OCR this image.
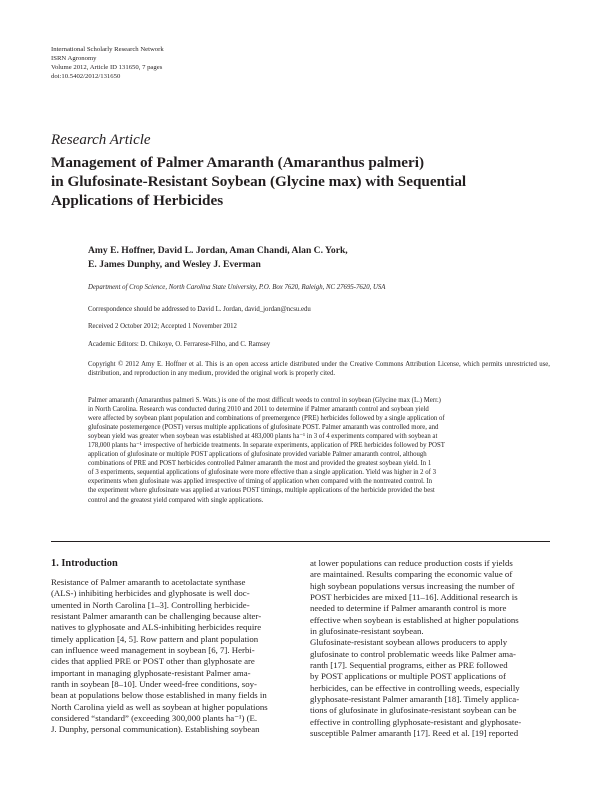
International Scholarly Research Network
ISRN Agronomy
Volume 2012, Article ID 131650, 7 pages
doi:10.5402/2012/131650
Research Article
Management of Palmer Amaranth (Amaranthus palmeri)
in Glufosinate-Resistant Soybean (Glycine max) with Sequential
Applications of Herbicides
Amy E. Hoffner, David L. Jordan, Aman Chandi, Alan C. York,
E. James Dunphy, and Wesley J. Everman
Department of Crop Science, North Carolina State University, P.O. Box 7620, Raleigh, NC 27695-7620, USA
Correspondence should be addressed to David L. Jordan, david_jordan@ncsu.edu
Received 2 October 2012; Accepted 1 November 2012
Academic Editors: D. Chikoye, O. Ferrarese-Filho, and C. Ramsey
Copyright © 2012 Amy E. Hoffner et al. This is an open access article distributed under the Creative Commons Attribution License, which permits unrestricted use, distribution, and reproduction in any medium, provided the original work is properly cited.
Palmer amaranth (Amaranthus palmeri S. Wats.) is one of the most difficult weeds to control in soybean (Glycine max (L.) Merr.)
in North Carolina. Research was conducted during 2010 and 2011 to determine if Palmer amaranth control and soybean yield
were affected by soybean plant population and combinations of preemergence (PRE) herbicides followed by a single application of
glufosinate postemergence (POST) versus multiple applications of glufosinate POST. Palmer amaranth was controlled more, and
soybean yield was greater when soybean was established at 483,000 plants ha⁻¹ in 3 of 4 experiments compared with soybean at
178,000 plants ha⁻¹ irrespective of herbicide treatments. In separate experiments, application of PRE herbicides followed by POST
application of glufosinate or multiple POST applications of glufosinate provided variable Palmer amaranth control, although
combinations of PRE and POST herbicides controlled Palmer amaranth the most and provided the greatest soybean yield. In 1
of 3 experiments, sequential applications of glufosinate were more effective than a single application. Yield was higher in 2 of 3
experiments when glufosinate was applied irrespective of timing of application when compared with the nontreated control. In
the experiment where glufosinate was applied at various POST timings, multiple applications of the herbicide provided the best
control and the greatest yield compared with single applications.
1. Introduction
Resistance of Palmer amaranth to acetolactate synthase
(ALS-) inhibiting herbicides and glyphosate is well doc-
umented in North Carolina [1–3]. Controlling herbicide-
resistant Palmer amaranth can be challenging because alter-
natives to glyphosate and ALS-inhibiting herbicides require
timely application [4, 5]. Row pattern and plant population
can influence weed management in soybean [6, 7]. Herbi-
cides that applied PRE or POST other than glyphosate are
important in managing glyphosate-resistant Palmer ama-
ranth in soybean [8–10]. Under weed-free conditions, soy-
bean at populations below those established in many fields in
North Carolina yield as well as soybean at higher populations
considered “standard” (exceeding 300,000 plants ha⁻¹) (E.
J. Dunphy, personal communication). Establishing soybean
at lower populations can reduce production costs if yields
are maintained. Results comparing the economic value of
high soybean populations versus increasing the number of
POST herbicides are mixed [11–16]. Additional research is
needed to determine if Palmer amaranth control is more
effective when soybean is established at higher populations
in glufosinate-resistant soybean.
Glufosinate-resistant soybean allows producers to apply
glufosinate to control problematic weeds like Palmer ama-
ranth [17]. Sequential programs, either as PRE followed
by POST applications or multiple POST applications of
herbicides, can be effective in controlling weeds, especially
glyphosate-resistant Palmer amaranth [18]. Timely applica-
tions of glufosinate in glufosinate-resistant soybean can be
effective in controlling glyphosate-resistant and glyphosate-
susceptible Palmer amaranth [17]. Reed et al. [19] reported
